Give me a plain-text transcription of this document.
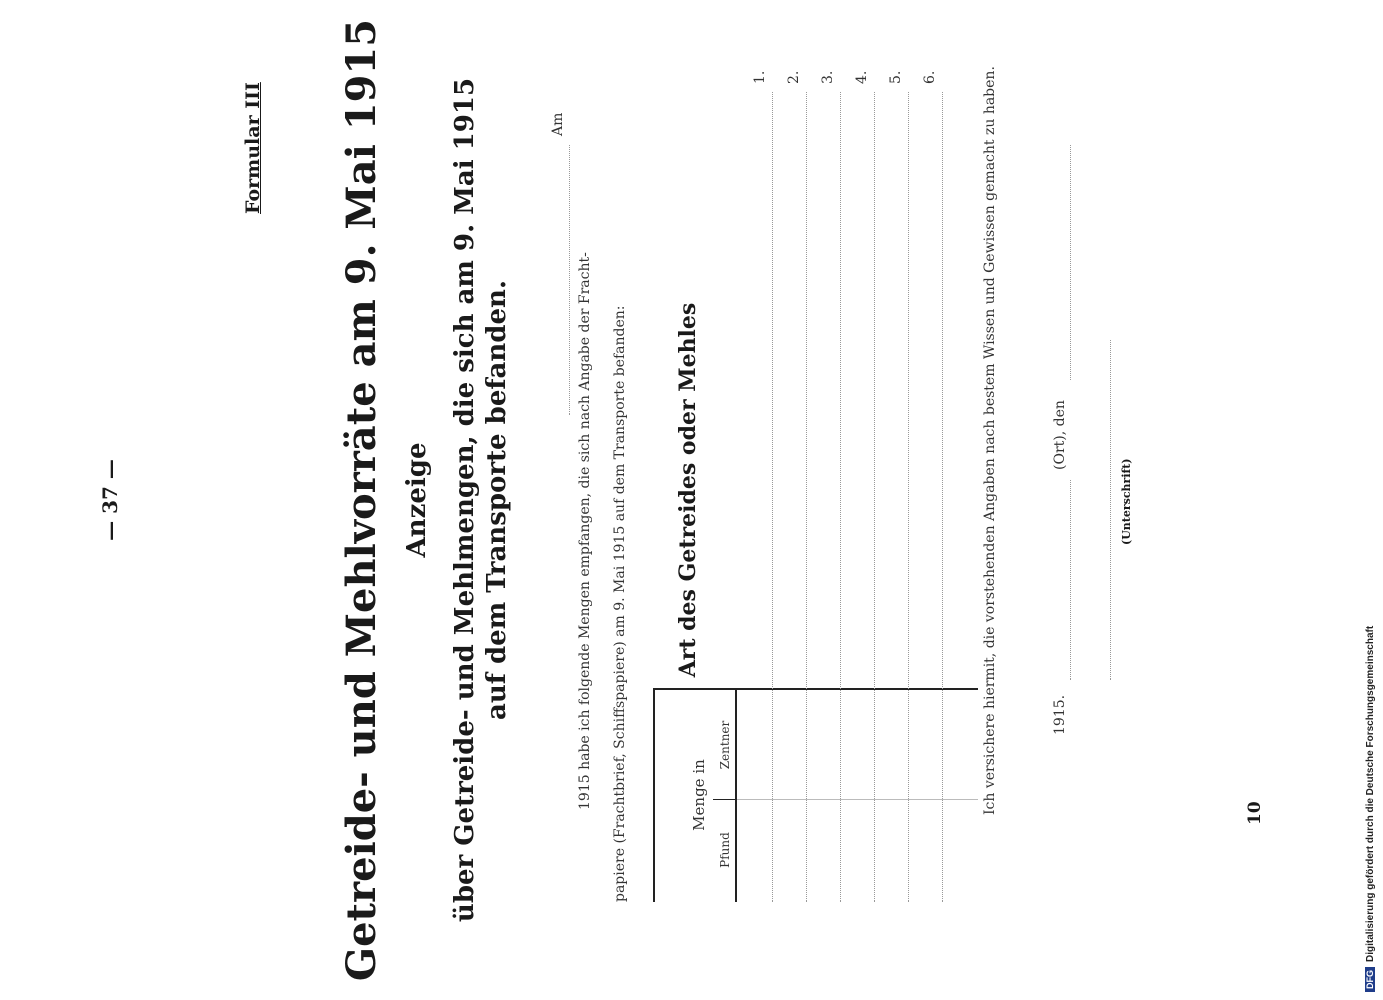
— 37 —
Formular III Getreide- und Mehlvorräte am 9. Mai 1915 Anzeige über Getreide- und Mehlmengen, die sich am 9. Mai 1915 auf dem Transporte befanden.
Am
1915 habe ich folgende Mengen empfangen, die sich nach Angabe der Fracht- papiere (Frachtbrief, Schiffspapiere) am 9. Mai 1915 auf dem Transporte befanden: Art des Getreides oder Mehles
Menge in
Zentner
Pfund
1. 2. 3. 4. 5. 6.	Ich versichere hiermit, die vorstehenden Angaben nach bestem Wissen und Gewissen gemacht zu haben.	(Ort), den
1915.
(Unterschrift)
10
DFGDigitalisierung gefördert durch die Deutsche Forschungsgemeinschaft
